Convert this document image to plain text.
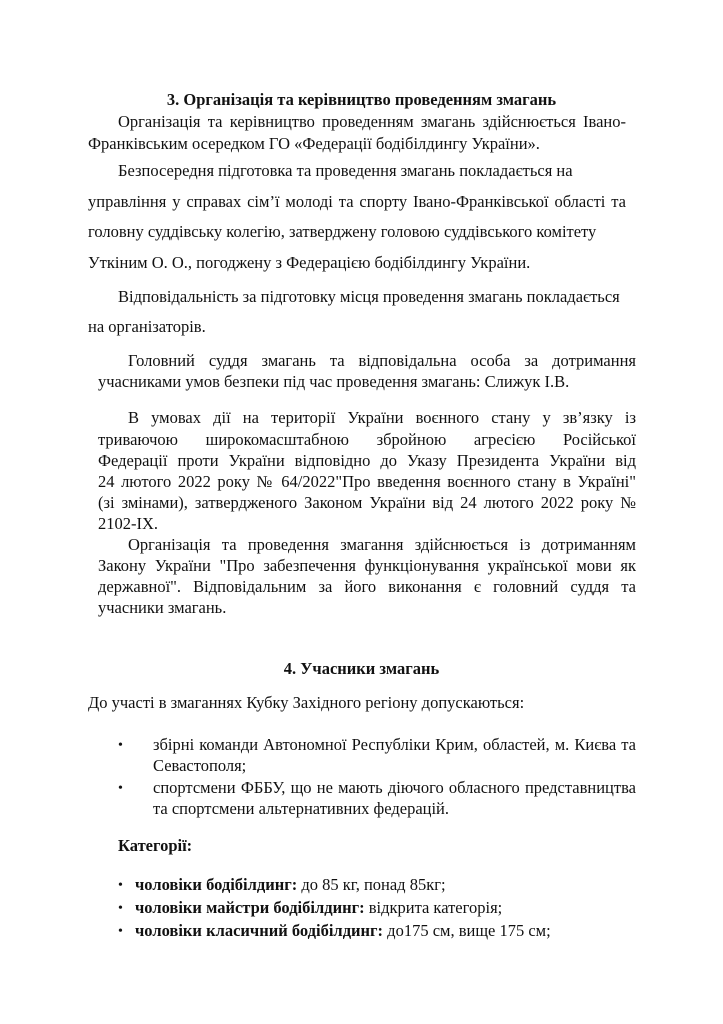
3. Організація та керівництво проведенням змагань
Організація та керівництво проведенням змагань здійснюється Івано-
Франківським осередком ГО «Федерації бодібілдингу України».
Безпосередня підготовка та проведення змагань покладається на
управління у справах сім’ї молоді та спорту Івано-Франківської області та
головну суддівську колегію, затверджену головою суддівського комітету
Уткіним О. О., погоджену з Федерацією бодібілдингу України.
Відповідальність за підготовку місця проведення змагань покладається
на організаторів.
Головний суддя змагань та відповідальна особа за дотримання
учасниками умов безпеки під час проведення змагань: Слижук І.В.
В умовах дії на території України воєнного стану у зв’язку із
триваючою широкомасштабною збройною агресією Російської
Федерації проти України відповідно до Указу Президента України від
24 лютого 2022 року № 64/2022"Про введення воєнного стану в Україні"
(зі змінами), затвердженого Законом України від 24 лютого 2022 року №
2102-ІХ.
Організація та проведення змагання здійснюється із дотриманням
Закону України "Про забезпечення функціонування української мови як
державної". Відповідальним за його виконання є головний суддя та
учасники змагань.
4. Учасники змагань
До участі в змаганнях Кубку Західного регіону допускаються:
• збірні команди Автономної Республіки Крим, областей, м. Києва та
Севастополя;
• спортсмени ФББУ, що не мають діючого обласного представництва
та спортсмени альтернативних федерацій.
Категорії:
• чоловіки бодібілдинг: до 85 кг, понад 85кг;
• чоловіки майстри бодібілдинг: відкрита категорія;
• чоловіки класичний бодібілдинг: до175 см, вище 175 см;
